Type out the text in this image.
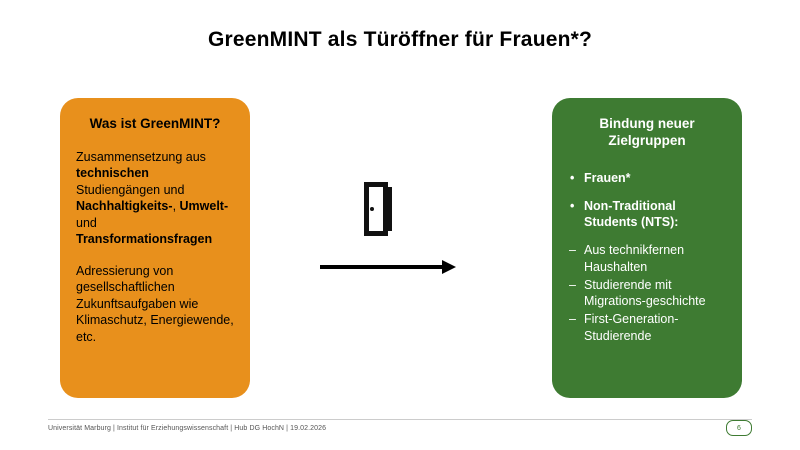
GreenMINT als Türöffner für Frauen*?
Was ist GreenMINT?
Zusammensetzung aus technischen Studiengängen und Nachhaltigkeits-, Umwelt- und Transformationsfragen
Adressierung von gesellschaftlichen Zukunftsaufgaben wie Klimaschutz, Energiewende, etc.
Bindung neuer Zielgruppen
• Frauen*
• Non-Traditional Students (NTS):
– Aus technikfernen Haushalten
– Studierende mit Migrations-geschichte
– First-Generation-Studierende
Universität Marburg | Institut für Erziehungswissenschaft | Hub DG HochN | 19.02.2026	6
